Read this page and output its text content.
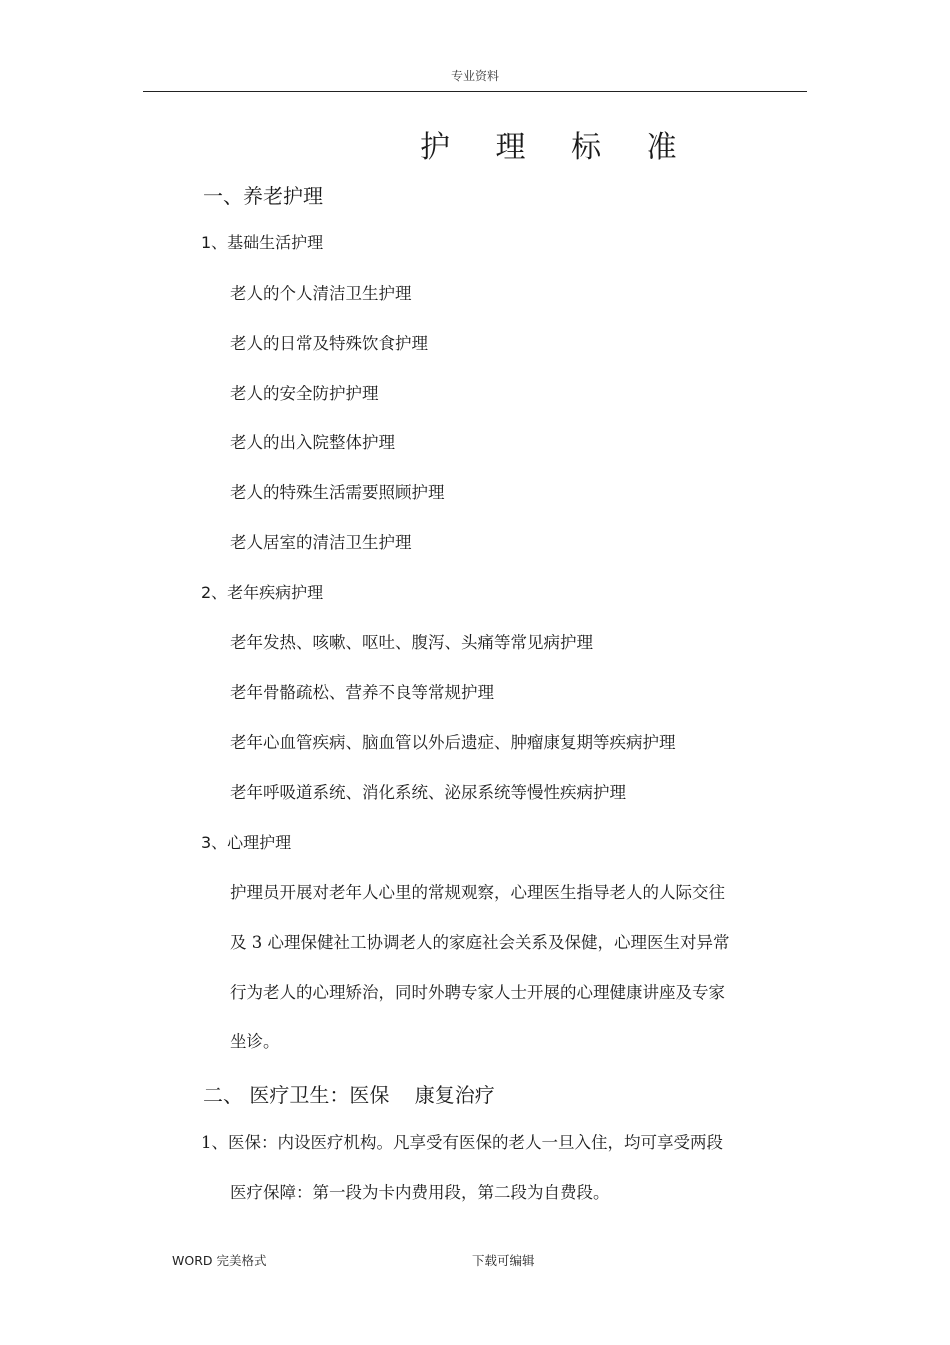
专业资料
护 理 标 准
一、养老护理
1、基础生活护理
老人的个人清洁卫生护理
老人的日常及特殊饮食护理
老人的安全防护护理
老人的出入院整体护理
老人的特殊生活需要照顾护理
老人居室的清洁卫生护理
2、老年疾病护理
老年发热、咳嗽、呕吐、腹泻、头痛等常见病护理
老年骨骼疏松、营养不良等常规护理
老年心血管疾病、脑血管以外后遗症、肿瘤康复期等疾病护理
老年呼吸道系统、消化系统、泌尿系统等慢性疾病护理
3、心理护理
护理员开展对老年人心里的常规观察，心理医生指导老人的人际交往
及 3 心理保健社工协调老人的家庭社会关系及保健，心理医生对异常
行为老人的心理矫治，同时外聘专家人士开展的心理健康讲座及专家
坐诊。
二、 医疗卫生：医保    康复治疗
1、医保：内设医疗机构。凡享受有医保的老人一旦入住，均可享受两段
医疗保障：第一段为卡内费用段，第二段为自费段。
WORD 完美格式	下载可编辑
